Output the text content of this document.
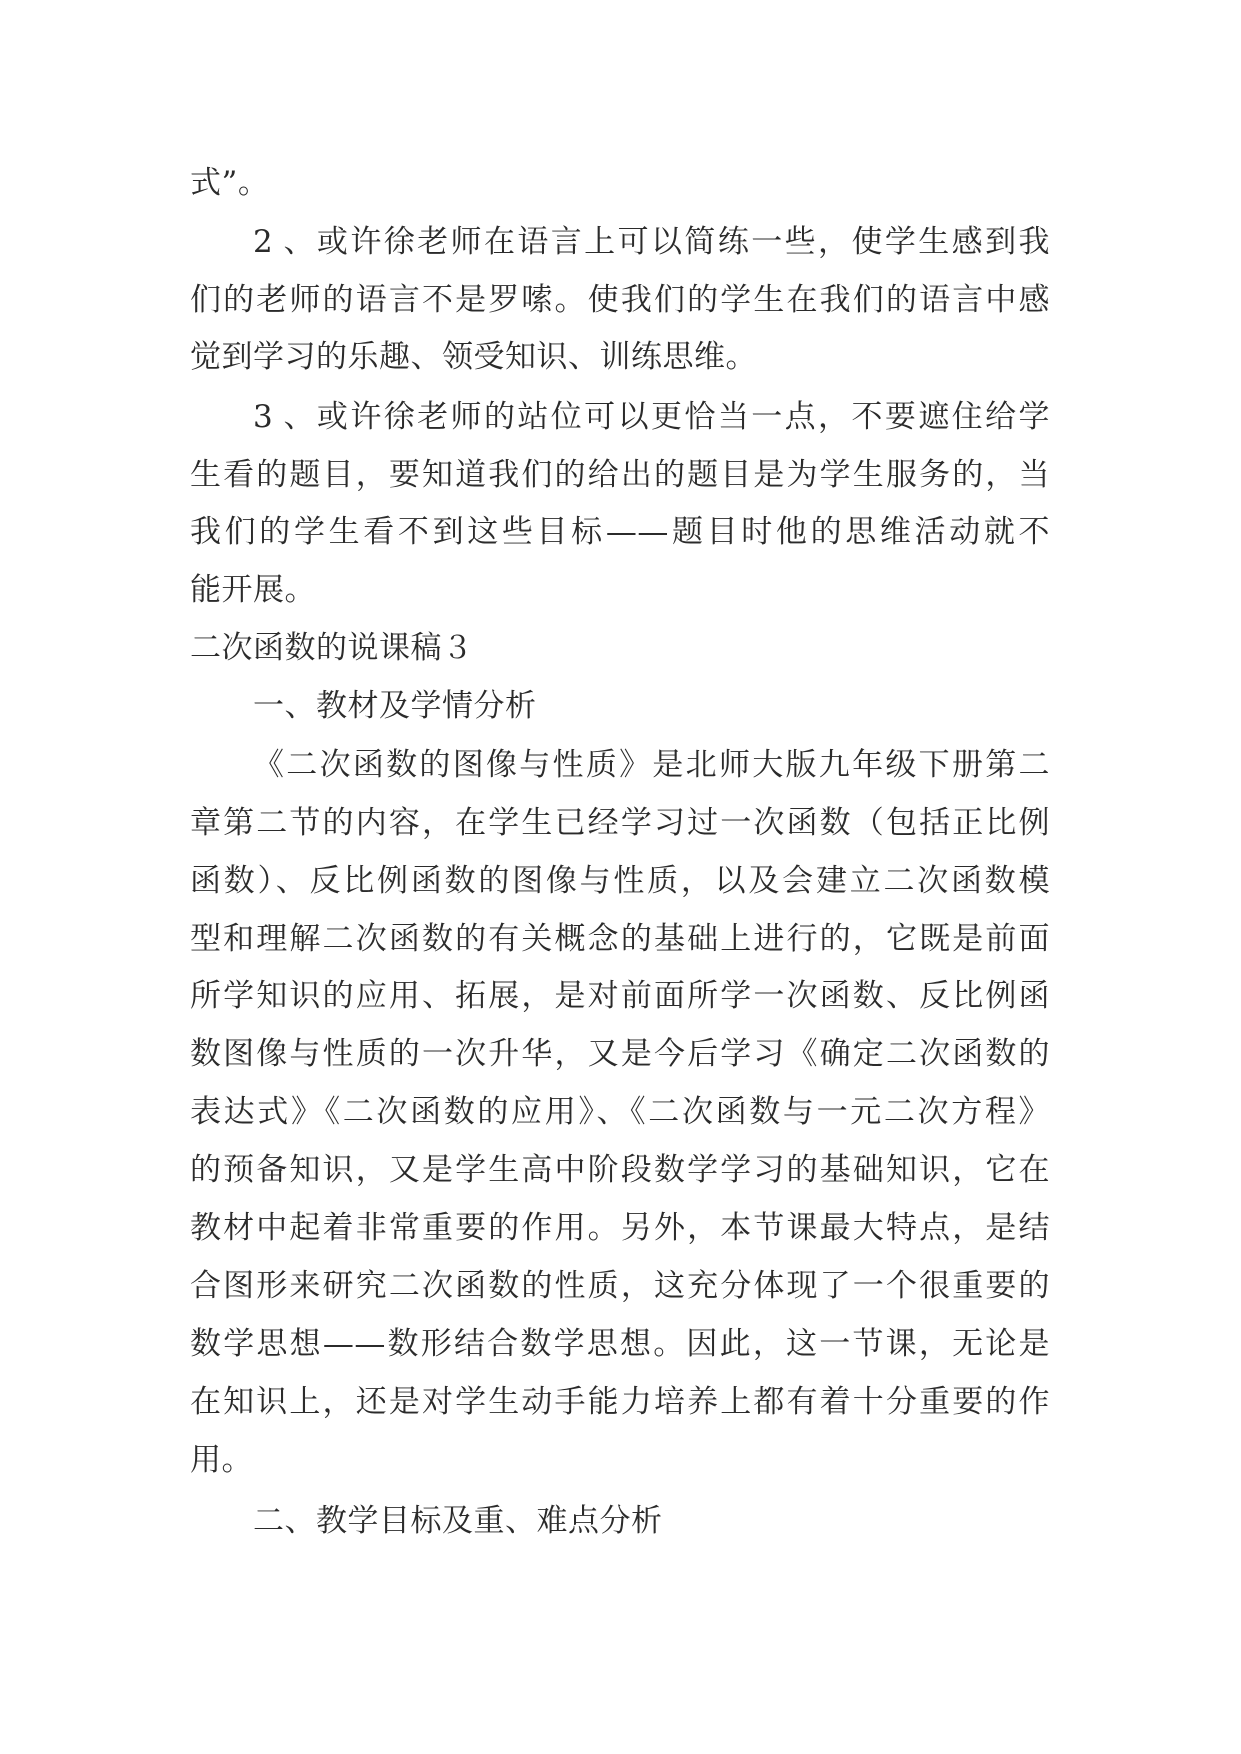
式”。
2、或许徐老师在语言上可以简练一些，使学生感到我
们的老师的语言不是罗嗦。使我们的学生在我们的语言中感
觉到学习的乐趣、领受知识、训练思维。
3、或许徐老师的站位可以更恰当一点，不要遮住给学
生看的题目，要知道我们的给出的题目是为学生服务的，当
我们的学生看不到这些目标——题目时他的思维活动就不
能开展。
二次函数的说课稿３
一、教材及学情分析
《二次函数的图像与性质》是北师大版九年级下册第二
章第二节的内容，在学生已经学习过一次函数（包括正比例
函数）、反比例函数的图像与性质，以及会建立二次函数模
型和理解二次函数的有关概念的基础上进行的，它既是前面
所学知识的应用、拓展，是对前面所学一次函数、反比例函
数图像与性质的一次升华，又是今后学习《确定二次函数的
表达式》《二次函数的应用》、《二次函数与一元二次方程》
的预备知识，又是学生高中阶段数学学习的基础知识，它在
教材中起着非常重要的作用。另外，本节课最大特点，是结
合图形来研究二次函数的性质，这充分体现了一个很重要的
数学思想——数形结合数学思想。因此，这一节课，无论是
在知识上，还是对学生动手能力培养上都有着十分重要的作
用。
二、教学目标及重、难点分析
